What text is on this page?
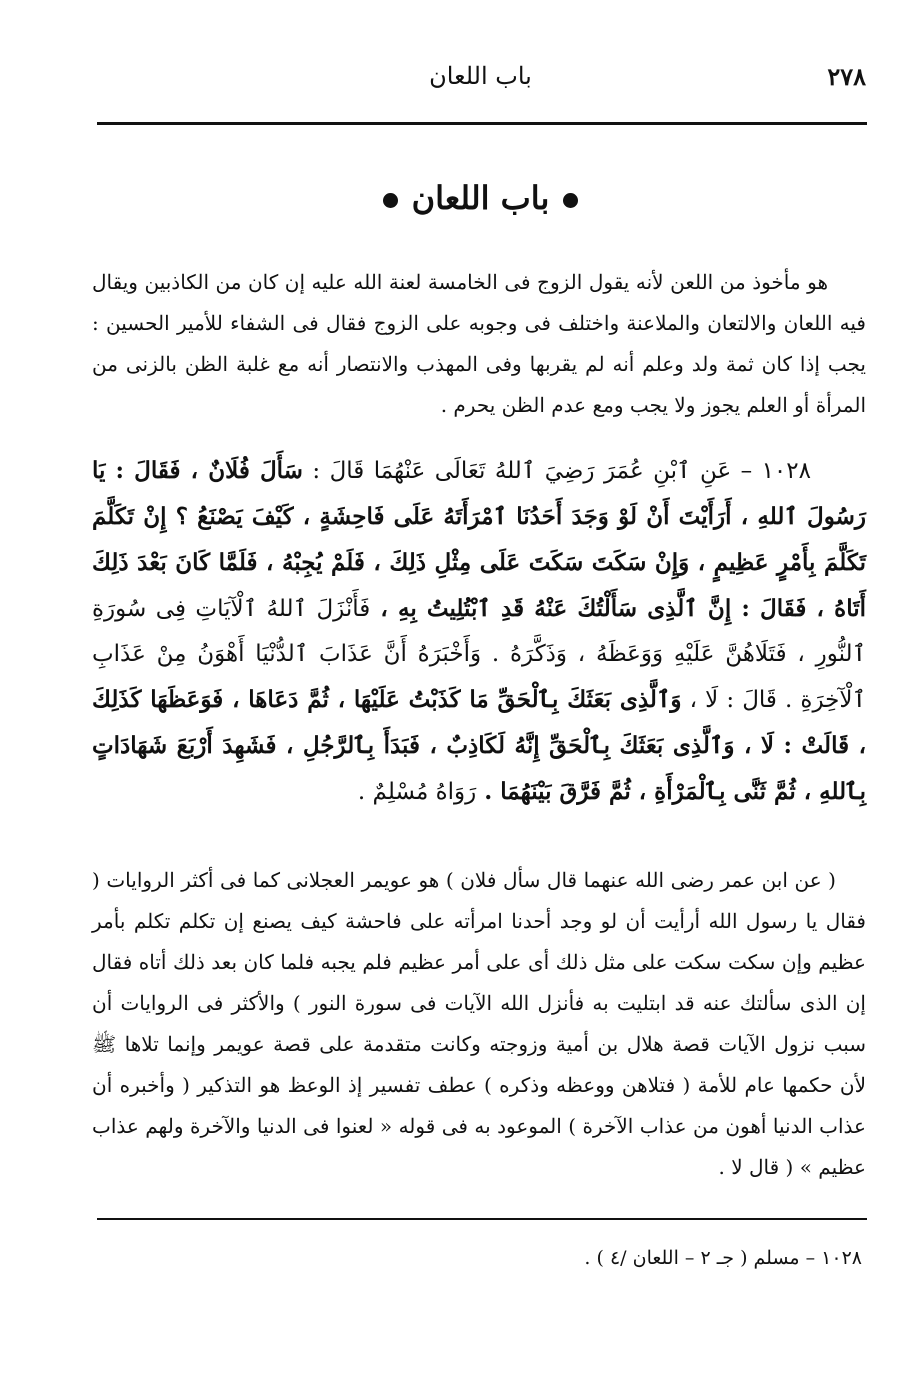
٢٧٨
باب اللعان
باب اللعان

هو مأخوذ من اللعن لأنه يقول الزوج فى الخامسة لعنة الله عليه إن كان من الكاذبين ويقال فيه اللعان والالتعان والملاعنة واختلف فى وجوبه على الزوج فقال فى الشفاء للأمير الحسين : يجب إذا كان ثمة ولد وعلم أنه لم يقربها وفى المهذب والانتصار أنه مع غلبة الظن بالزنى من المرأة أو العلم يجوز ولا يجب ومع عدم الظن يحرم .

١٠٢٨ – عَنِ ٱبْنِ عُمَرَ رَضِيَ ٱللهُ تَعَالَى عَنْهُمَا قَالَ : سَأَلَ فُلَانٌ ، فَقَالَ : يَا رَسُولَ ٱللهِ ، أَرَأَيْتَ أَنْ لَوْ وَجَدَ أَحَدُنَا ٱمْرَأَتَهُ عَلَى فَاحِشَةٍ ، كَيْفَ يَصْنَعُ ؟ إِنْ تَكَلَّمَ تَكَلَّمَ بِأَمْرٍ عَظِيمٍ ، وَإِنْ سَكَتَ سَكَتَ عَلَى مِثْلِ ذَلِكَ ، فَلَمْ يُجِبْهُ ، فَلَمَّا كَانَ بَعْدَ ذَلِكَ أَتَاهُ ، فَقَالَ : إِنَّ ٱلَّذِى سَأَلْتُكَ عَنْهُ قَدِ ٱبْتُلِيتُ بِهِ ، فَأَنْزَلَ ٱللهُ ٱلْآيَاتِ فِى سُورَةِ ٱلنُّورِ ، فَتَلَاهُنَّ عَلَيْهِ وَوَعَظَهُ ، وَذَكَّرَهُ . وَأَخْبَرَهُ أَنَّ عَذَابَ ٱلدُّنْيَا أَهْوَنُ مِنْ عَذَابِ ٱلْآخِرَةِ . قَالَ : لَا ، وَٱلَّذِى بَعَثَكَ بِٱلْحَقِّ مَا كَذَبْتُ عَلَيْهَا ، ثُمَّ دَعَاهَا ، فَوَعَظَهَا كَذَلِكَ ، قَالَتْ : لَا ، وَٱلَّذِى بَعَثَكَ بِٱلْحَقِّ إِنَّهُ لَكَاذِبٌ ، فَبَدَأَ بِٱلرَّجُلِ ، فَشَهِدَ أَرْبَعَ شَهَادَاتٍ بِٱللهِ ، ثُمَّ ثَنَّى بِٱلْمَرْأَةِ ، ثُمَّ فَرَّقَ بَيْنَهُمَا . رَوَاهُ مُسْلِمٌ .

( عن ابن عمر رضى الله عنهما قال سأل فلان ) هو عويمر العجلانى كما فى أكثر الروايات ( فقال يا رسول الله أرأيت أن لو وجد أحدنا امرأته على فاحشة كيف يصنع إن تكلم تكلم بأمر عظيم وإن سكت سكت على مثل ذلك أى على أمر عظيم فلم يجبه فلما كان بعد ذلك أتاه فقال إن الذى سألتك عنه قد ابتليت به فأنزل الله الآيات فى سورة النور ) والأكثر فى الروايات أن سبب نزول الآيات قصة هلال بن أمية وزوجته وكانت متقدمة على قصة عويمر وإنما تلاها ﷺ لأن حكمها عام للأمة ( فتلاهن ووعظه وذكره ) عطف تفسير إذ الوعظ هو التذكير ( وأخبره أن عذاب الدنيا أهون من عذاب الآخرة ) الموعود به فى قوله « لعنوا فى الدنيا والآخرة ولهم عذاب عظيم » ( قال لا .

١٠٢٨ – مسلم ( جـ ٢ – اللعان /٤ ) .
